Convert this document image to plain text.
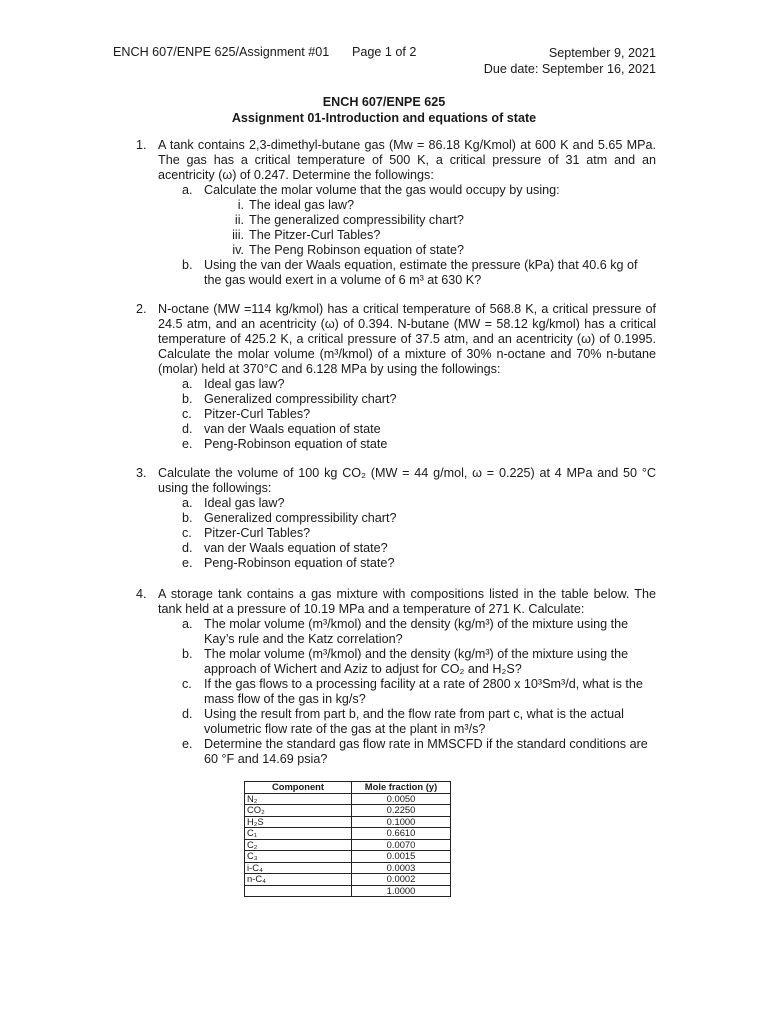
ENCH 607/ENPE 625/Assignment #01 Page 1 of 2	September 9, 2021
Due date: September 16, 2021
ENCH 607/ENPE 625
Assignment 01-Introduction and equations of state
1. A tank contains 2,3-dimethyl-butane gas (Mw = 86.18 Kg/Kmol) at 600 K and 5.65 MPa. The gas has a critical temperature of 500 K, a critical pressure of 31 atm and an acentricity (ω) of 0.247. Determine the followings:
a. Calculate the molar volume that the gas would occupy by using:
i. The ideal gas law?
ii. The generalized compressibility chart?
iii. The Pitzer-Curl Tables?
iv. The Peng Robinson equation of state?
b. Using the van der Waals equation, estimate the pressure (kPa) that 40.6 kg of the gas would exert in a volume of 6 m³ at 630 K?
2. N-octane (MW =114 kg/kmol) has a critical temperature of 568.8 K, a critical pressure of 24.5 atm, and an acentricity (ω) of 0.394. N-butane (MW = 58.12 kg/kmol) has a critical temperature of 425.2 K, a critical pressure of 37.5 atm, and an acentricity (ω) of 0.1995. Calculate the molar volume (m³/kmol) of a mixture of 30% n-octane and 70% n-butane (molar) held at 370°C and 6.128 MPa by using the followings:
a. Ideal gas law?
b. Generalized compressibility chart?
c. Pitzer-Curl Tables?
d. van der Waals equation of state
e. Peng-Robinson equation of state
3. Calculate the volume of 100 kg CO₂ (MW = 44 g/mol, ω = 0.225) at 4 MPa and 50 °C using the followings:
a. Ideal gas law?
b. Generalized compressibility chart?
c. Pitzer-Curl Tables?
d. van der Waals equation of state?
e. Peng-Robinson equation of state?
4. A storage tank contains a gas mixture with compositions listed in the table below. The tank held at a pressure of 10.19 MPa and a temperature of 271 K. Calculate:
a. The molar volume (m³/kmol) and the density (kg/m³) of the mixture using the Kay’s rule and the Katz correlation?
b. The molar volume (m³/kmol) and the density (kg/m³) of the mixture using the approach of Wichert and Aziz to adjust for CO₂ and H₂S?
c. If the gas flows to a processing facility at a rate of 2800 x 10³Sm³/d, what is the mass flow of the gas in kg/s?
d. Using the result from part b, and the flow rate from part c, what is the actual volumetric flow rate of the gas at the plant in m³/s?
e. Determine the standard gas flow rate in MMSCFD if the standard conditions are 60 °F and 14.69 psia?
Component	Mole fraction (y)
N₂	0.0050
CO₂	0.2250
H₂S	0.1000
C₁	0.6610
C₂	0.0070
C₃	0.0015
i-C₄	0.0003
n-C₄	0.0002
	1.0000
